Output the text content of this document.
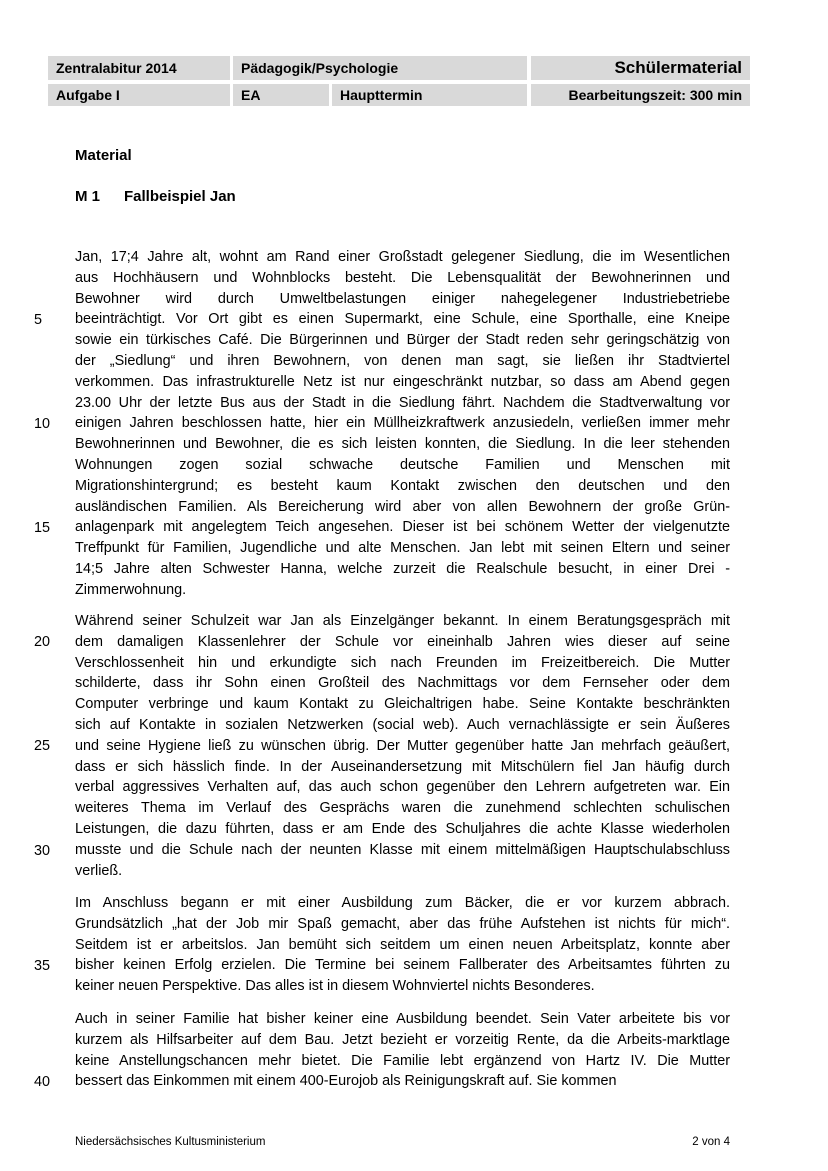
Zentralabitur 2014	Pädagogik/Psychologie	Schülermaterial
Aufgabe I	EA	Haupttermin	Bearbeitungszeit: 300 min
Material
M 1 Fallbeispiel Jan
Jan, 17;4 Jahre alt, wohnt am Rand einer Großstadt gelegener Siedlung, die im Wesentlichen
aus Hochhäusern und Wohnblocks besteht. Die Lebensqualität der Bewohnerinnen und
Bewohner wird durch Umweltbelastungen einiger nahegelegener Industriebetriebe
beeinträchtigt. Vor Ort gibt es einen Supermarkt, eine Schule, eine Sporthalle, eine Kneipe
sowie ein türkisches Café. Die Bürgerinnen und Bürger der Stadt reden sehr geringschätzig von
der „Siedlung“ und ihren Bewohnern, von denen man sagt, sie ließen ihr Stadtviertel
verkommen. Das infrastrukturelle Netz ist nur eingeschränkt nutzbar, so dass am Abend gegen
23.00 Uhr der letzte Bus aus der Stadt in die Siedlung fährt. Nachdem die Stadtverwaltung vor
einigen Jahren beschlossen hatte, hier ein Müllheizkraftwerk anzusiedeln, verließen immer mehr
Bewohnerinnen und Bewohner, die es sich leisten konnten, die Siedlung. In die leer stehenden
Wohnungen zogen sozial schwache deutsche Familien und Menschen mit
Migrationshintergrund; es besteht kaum Kontakt zwischen den deutschen und den
ausländischen Familien. Als Bereicherung wird aber von allen Bewohnern der große Grün-
anlagenpark mit angelegtem Teich angesehen. Dieser ist bei schönem Wetter der vielgenutzte
Treffpunkt für Familien, Jugendliche und alte Menschen. Jan lebt mit seinen Eltern und seiner
14;5 Jahre alten Schwester Hanna, welche zurzeit die Realschule besucht, in einer Drei -
Zimmerwohnung.
Während seiner Schulzeit war Jan als Einzelgänger bekannt. In einem Beratungsgespräch mit
dem damaligen Klassenlehrer der Schule vor eineinhalb Jahren wies dieser auf seine
Verschlossenheit hin und erkundigte sich nach Freunden im Freizeitbereich. Die Mutter
schilderte, dass ihr Sohn einen Großteil des Nachmittags vor dem Fernseher oder dem
Computer verbringe und kaum Kontakt zu Gleichaltrigen habe. Seine Kontakte beschränkten
sich auf Kontakte in sozialen Netzwerken (social web). Auch vernachlässigte er sein Äußeres
und seine Hygiene ließ zu wünschen übrig. Der Mutter gegenüber hatte Jan mehrfach geäußert,
dass er sich hässlich finde. In der Auseinandersetzung mit Mitschülern fiel Jan häufig durch
verbal aggressives Verhalten auf, das auch schon gegenüber den Lehrern aufgetreten war. Ein
weiteres Thema im Verlauf des Gesprächs waren die zunehmend schlechten schulischen
Leistungen, die dazu führten, dass er am Ende des Schuljahres die achte Klasse wiederholen
musste und die Schule nach der neunten Klasse mit einem mittelmäßigen Hauptschulabschluss
verließ.
Im Anschluss begann er mit einer Ausbildung zum Bäcker, die er vor kurzem abbrach.
Grundsätzlich „hat der Job mir Spaß gemacht, aber das frühe Aufstehen ist nichts für mich“.
Seitdem ist er arbeitslos. Jan bemüht sich seitdem um einen neuen Arbeitsplatz, konnte aber
bisher keinen Erfolg erzielen. Die Termine bei seinem Fallberater des Arbeitsamtes führten zu
keiner neuen Perspektive. Das alles ist in diesem Wohnviertel nichts Besonderes.
Auch in seiner Familie hat bisher keiner eine Ausbildung beendet. Sein Vater arbeitete bis vor
kurzem als Hilfsarbeiter auf dem Bau. Jetzt bezieht er vorzeitig Rente, da die Arbeits-marktlage
keine Anstellungschancen mehr bietet. Die Familie lebt ergänzend von Hartz IV. Die Mutter
bessert das Einkommen mit einem 400-Eurojob als Reinigungskraft auf. Sie kommen
5
10
15
20
25
30
35
40
Niedersächsisches Kultusministerium	2 von 4
